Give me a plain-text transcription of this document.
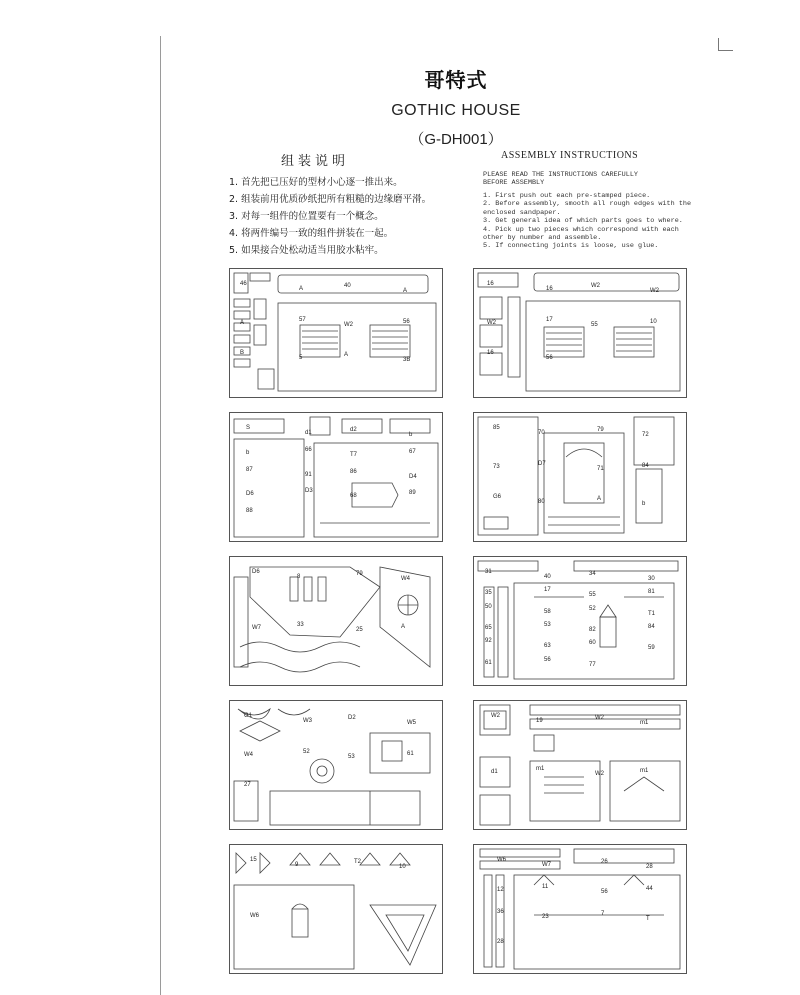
哥特式
GOTHIC HOUSE
（G-DH001）
组装说明	ASSEMBLY INSTRUCTIONS
1. 首先把已压好的型材小心逐一推出来。
2. 组装前用优质砂纸把所有粗糙的边缘磨平滑。
3. 对每一组件的位置要有一个概念。
4. 将两件编号一致的组件拼装在一起。
5. 如果接合处松动适当用胶水粘牢。
PLEASE READ THE INSTRUCTIONS CAREFULLY
BEFORE ASSEMBLY
1. First push out each pre-stamped piece.
2. Before assembly, smooth all rough edges with the
enclosed sandpaper.
3. Get general idea of which parts goes to where.
4. Pick up two pieces which correspond with each
other by number and assemble.
5. If connecting joints is loose, use glue.
46
A	40
A
A	57
W2	56
B
5	A
3B
16
16	W2
W2
W2	17
55	10
16
56
S
d1	d2
b
b	66
T7	67
87
91	86
D4
D6	D3
68	89
88
85
70	79
72
73	D7
71	84
G6
80	A
b
D6
8	79
W4
W7	33
25	A
31
40	34
30
35	17
55	81
50
58	52
T1
65	53
82	84
92
63	60
59
61	56
77
G1
W3	D2
W5
W4	52
53	61
27
W2
19	W2
m1
d1	m1
W2	m1
15
9	T2
10
W6
W6
W7	26
28
12	11
56	44
36
23	7
T
28
